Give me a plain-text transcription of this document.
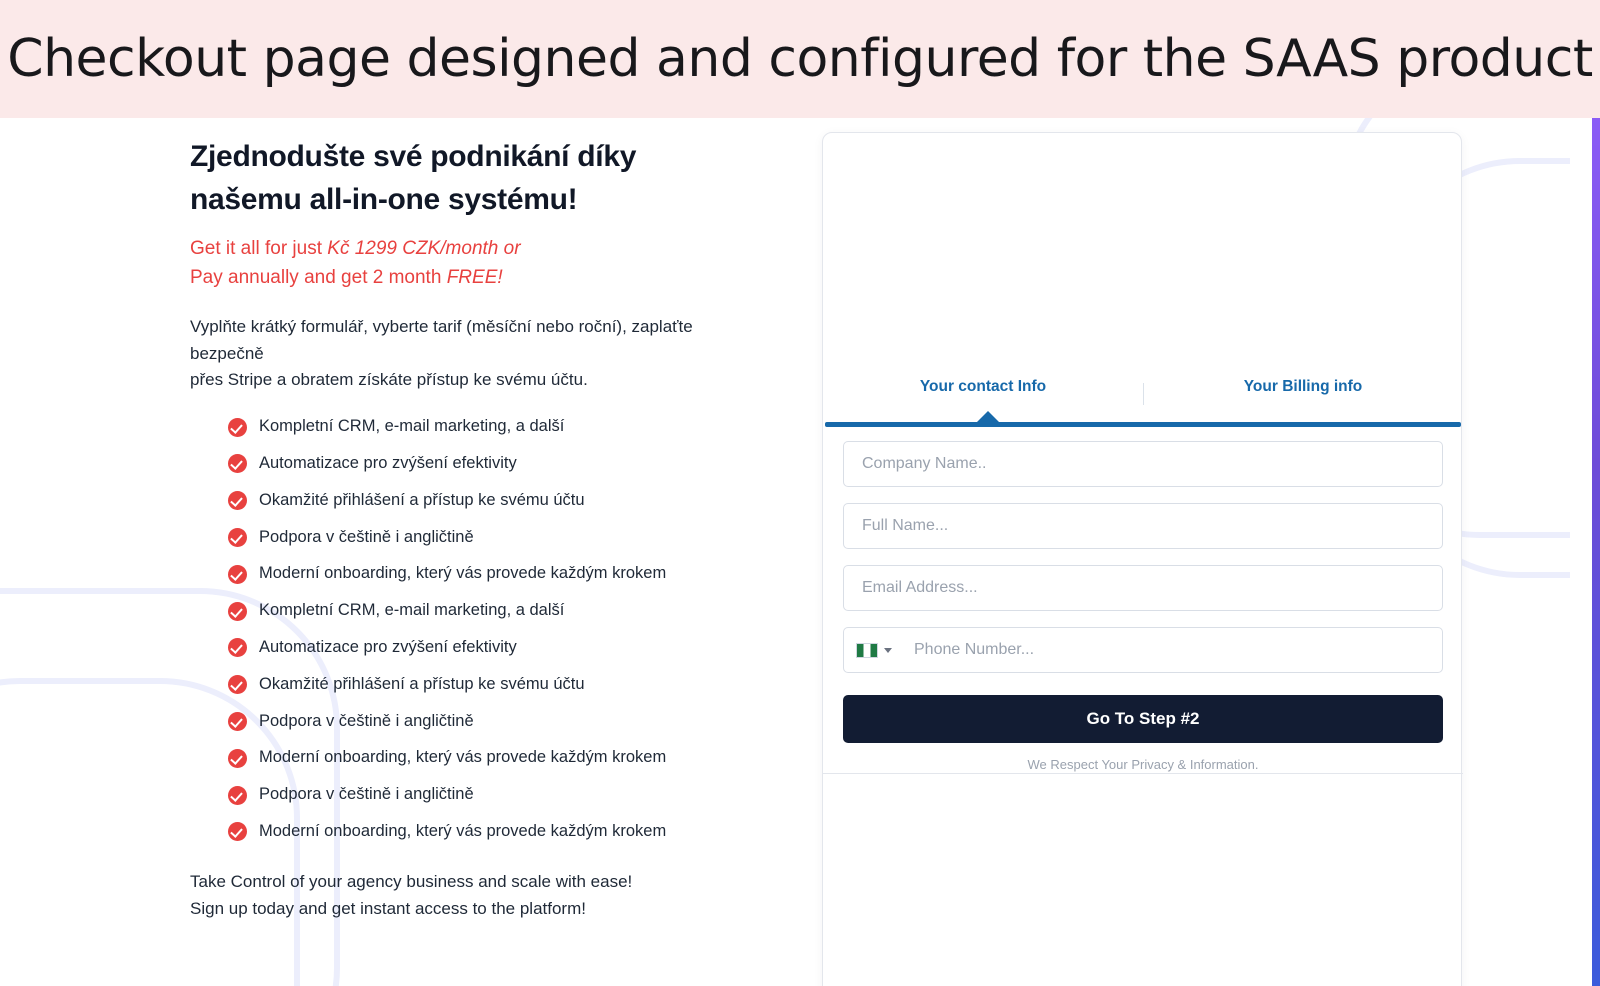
Checkout page designed and configured for the SAAS product
Zjednodušte své podnikání díky našemu all-in-one systému!
Get it all for just Kč 1299 CZK/month or
Pay annually and get 2 month FREE!
Vyplňte krátký formulář, vyberte tarif (měsíční nebo roční), zaplaťte bezpečně
přes Stripe a obratem získáte přístup ke svému účtu.
Kompletní CRM, e-mail marketing, a další
Automatizace pro zvýšení efektivity
Okamžité přihlášení a přístup ke svému účtu
Podpora v češtině i angličtině
Moderní onboarding, který vás provede každým krokem
Kompletní CRM, e-mail marketing, a další
Automatizace pro zvýšení efektivity
Okamžité přihlášení a přístup ke svému účtu
Podpora v češtině i angličtině
Moderní onboarding, který vás provede každým krokem
Podpora v češtině i angličtině
Moderní onboarding, který vás provede každým krokem
Take Control of your agency business and scale with ease!
Sign up today and get instant access to the platform!
Your contact Info	Your Billing info
Company Name..
Full Name...
Email Address...
Phone Number...
Go To Step #2
We Respect Your Privacy & Information.
